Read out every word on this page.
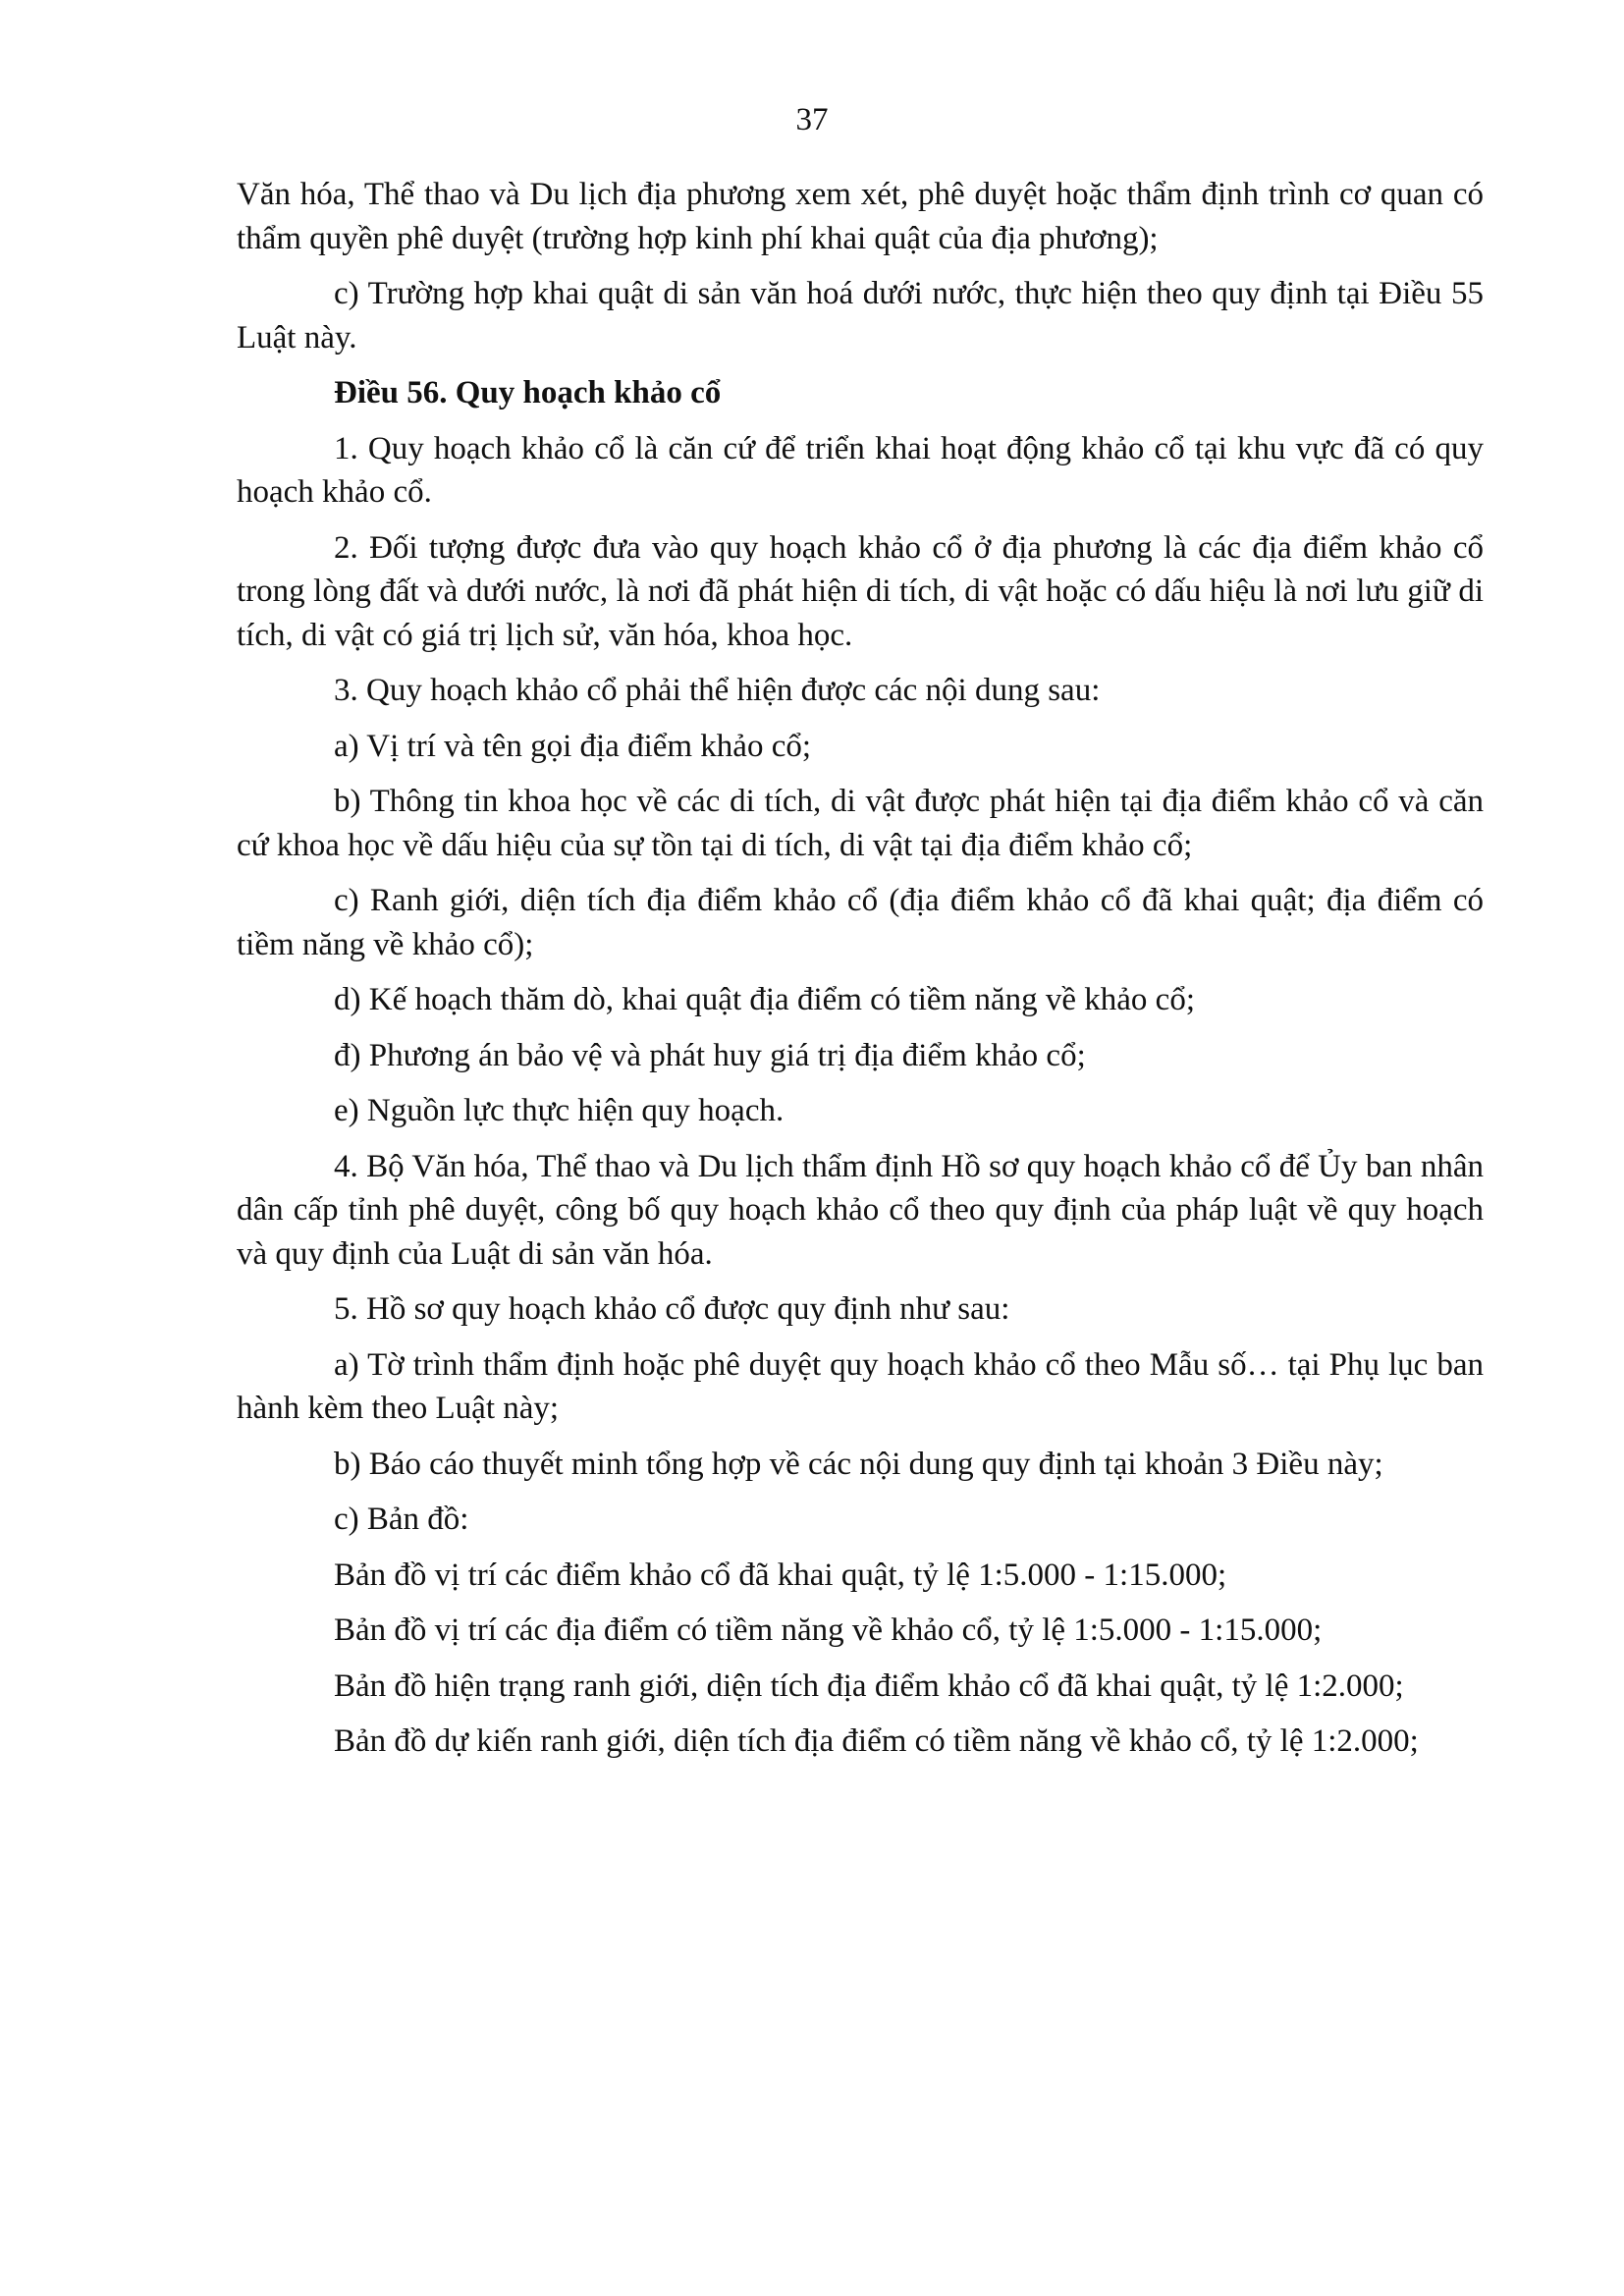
37

Văn hóa, Thể thao và Du lịch địa phương xem xét, phê duyệt hoặc thẩm định trình cơ quan có thẩm quyền phê duyệt (trường hợp kinh phí khai quật của địa phương);

c) Trường hợp khai quật di sản văn hoá dưới nước, thực hiện theo quy định tại Điều 55 Luật này.

Điều 56. Quy hoạch khảo cổ

1. Quy hoạch khảo cổ là căn cứ để triển khai hoạt động khảo cổ tại khu vực đã có quy hoạch khảo cổ.

2. Đối tượng được đưa vào quy hoạch khảo cổ ở địa phương là các địa điểm khảo cổ trong lòng đất và dưới nước, là nơi đã phát hiện di tích, di vật hoặc có dấu hiệu là nơi lưu giữ di tích, di vật có giá trị lịch sử, văn hóa, khoa học.

3. Quy hoạch khảo cổ phải thể hiện được các nội dung sau:

a) Vị trí và tên gọi địa điểm khảo cổ;

b) Thông tin khoa học về các di tích, di vật được phát hiện tại địa điểm khảo cổ và căn cứ khoa học về dấu hiệu của sự tồn tại di tích, di vật tại địa điểm khảo cổ;

c) Ranh giới, diện tích địa điểm khảo cổ (địa điểm khảo cổ đã khai quật; địa điểm có tiềm năng về khảo cổ);

d) Kế hoạch thăm dò, khai quật địa điểm có tiềm năng về khảo cổ;

đ) Phương án bảo vệ và phát huy giá trị địa điểm khảo cổ;

e) Nguồn lực thực hiện quy hoạch.

4. Bộ Văn hóa, Thể thao và Du lịch thẩm định Hồ sơ quy hoạch khảo cổ để Ủy ban nhân dân cấp tỉnh phê duyệt, công bố quy hoạch khảo cổ theo quy định của pháp luật về quy hoạch và quy định của Luật di sản văn hóa.

5. Hồ sơ quy hoạch khảo cổ được quy định như sau:

a) Tờ trình thẩm định hoặc phê duyệt quy hoạch khảo cổ theo Mẫu số… tại Phụ lục ban hành kèm theo Luật này;

b) Báo cáo thuyết minh tổng hợp về các nội dung quy định tại khoản 3 Điều này;

c) Bản đồ:

Bản đồ vị trí các điểm khảo cổ đã khai quật, tỷ lệ 1:5.000 - 1:15.000;

Bản đồ vị trí các địa điểm có tiềm năng về khảo cổ, tỷ lệ 1:5.000 - 1:15.000;

Bản đồ hiện trạng ranh giới, diện tích địa điểm khảo cổ đã khai quật, tỷ lệ 1:2.000;

Bản đồ dự kiến ranh giới, diện tích địa điểm có tiềm năng về khảo cổ, tỷ lệ 1:2.000;
